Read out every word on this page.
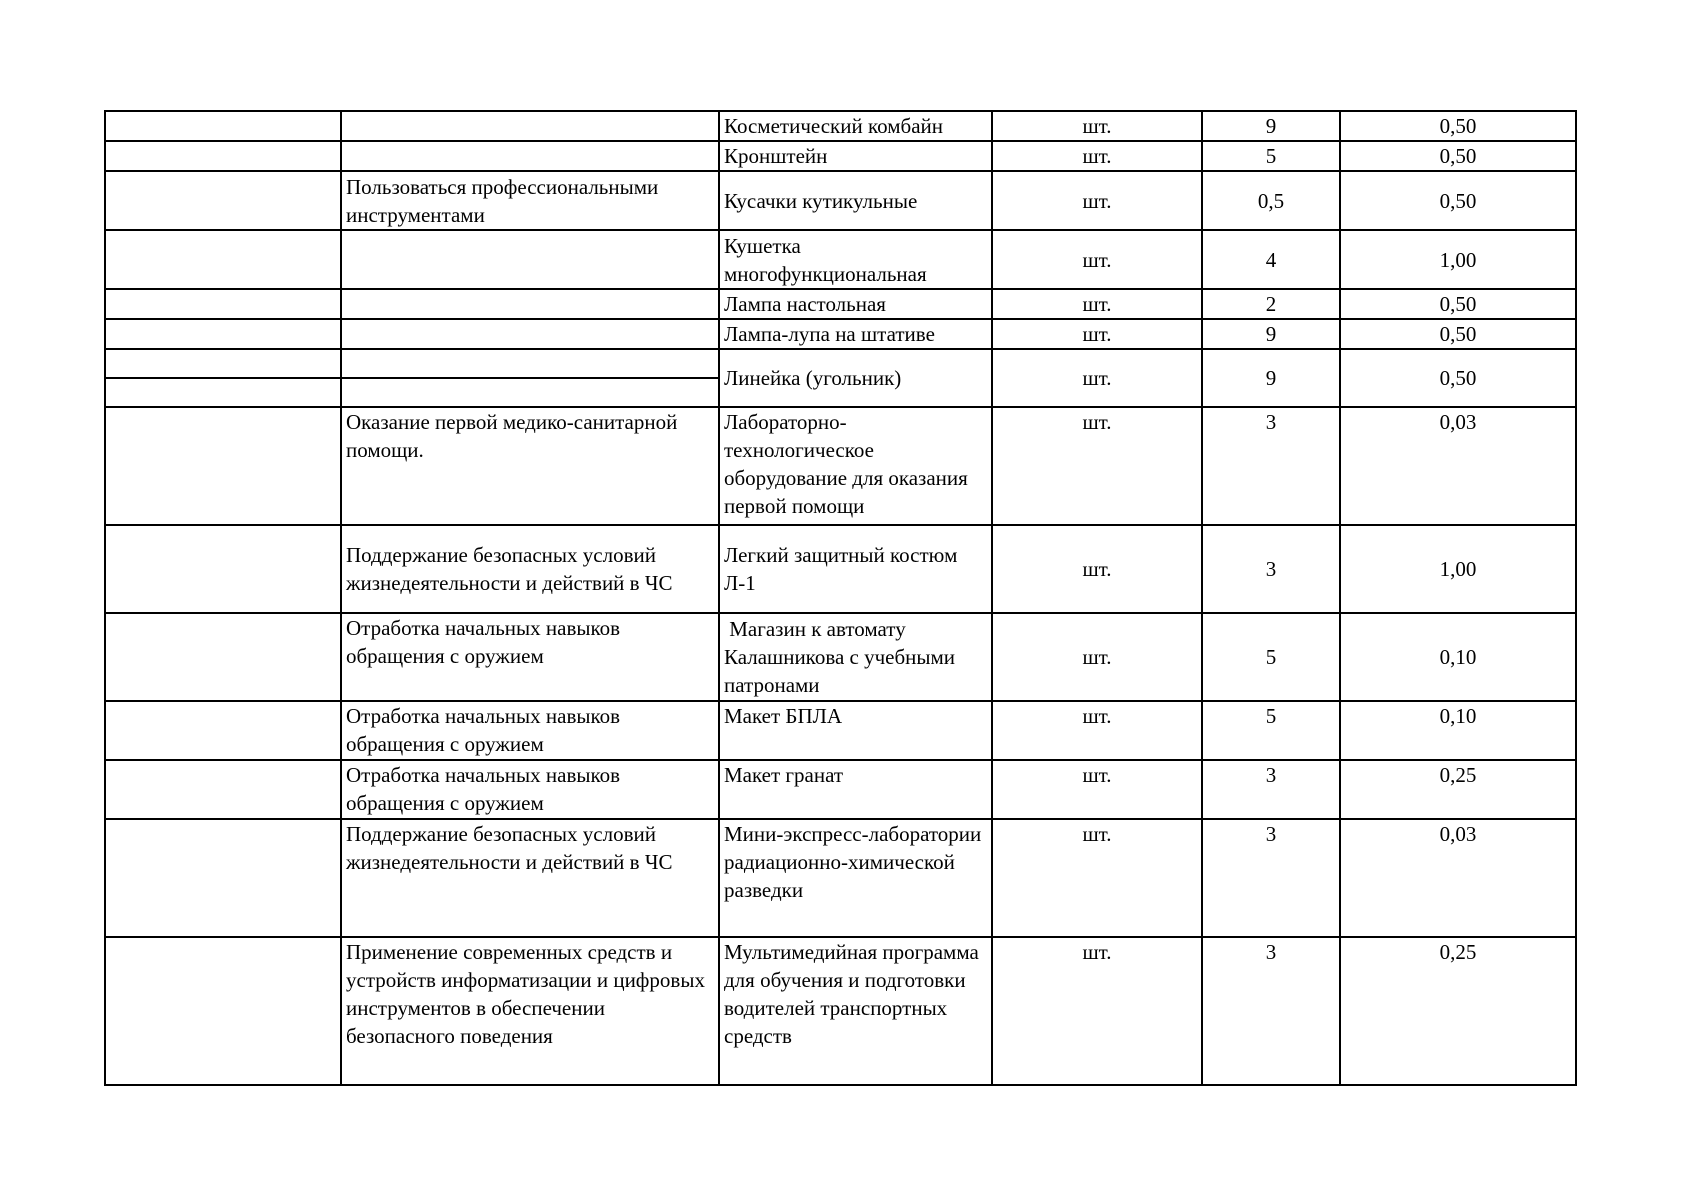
		Косметический комбайн	шт.	9	0,50
		Кронштейн	шт.	5	0,50
	Пользоваться профессиональными инструментами	Кусачки кутикульные	шт.	0,5	0,50
		Кушетка многофункциональная	шт.	4	1,00
		Лампа настольная	шт.	2	0,50
		Лампа-лупа на штативе	шт.	9	0,50
		Линейка (угольник)	шт.	9	0,50

	Оказание первой медико-санитарной помощи.	Лабораторно-технологическое оборудование для оказания первой помощи	шт.	3	0,03
	Поддержание безопасных условий жизнедеятельности и действий в ЧС	Легкий защитный костюм Л-1	шт.	3	1,00
	Отработка начальных навыков обращения с оружием	Магазин к автомату Калашникова с учебными патронами	шт.	5	0,10
	Отработка начальных навыков обращения с оружием	Макет БПЛА	шт.	5	0,10
	Отработка начальных навыков обращения с оружием	Макет гранат	шт.	3	0,25
	Поддержание безопасных условий жизнедеятельности и действий в ЧС	Мини-экспресс-лаборатории радиационно-химической разведки	шт.	3	0,03
	Применение современных средств и устройств информатизации и цифровых инструментов в обеспечении безопасного поведения	Мультимедийная программа для обучения и подготовки водителей транспортных средств	шт.	3	0,25
